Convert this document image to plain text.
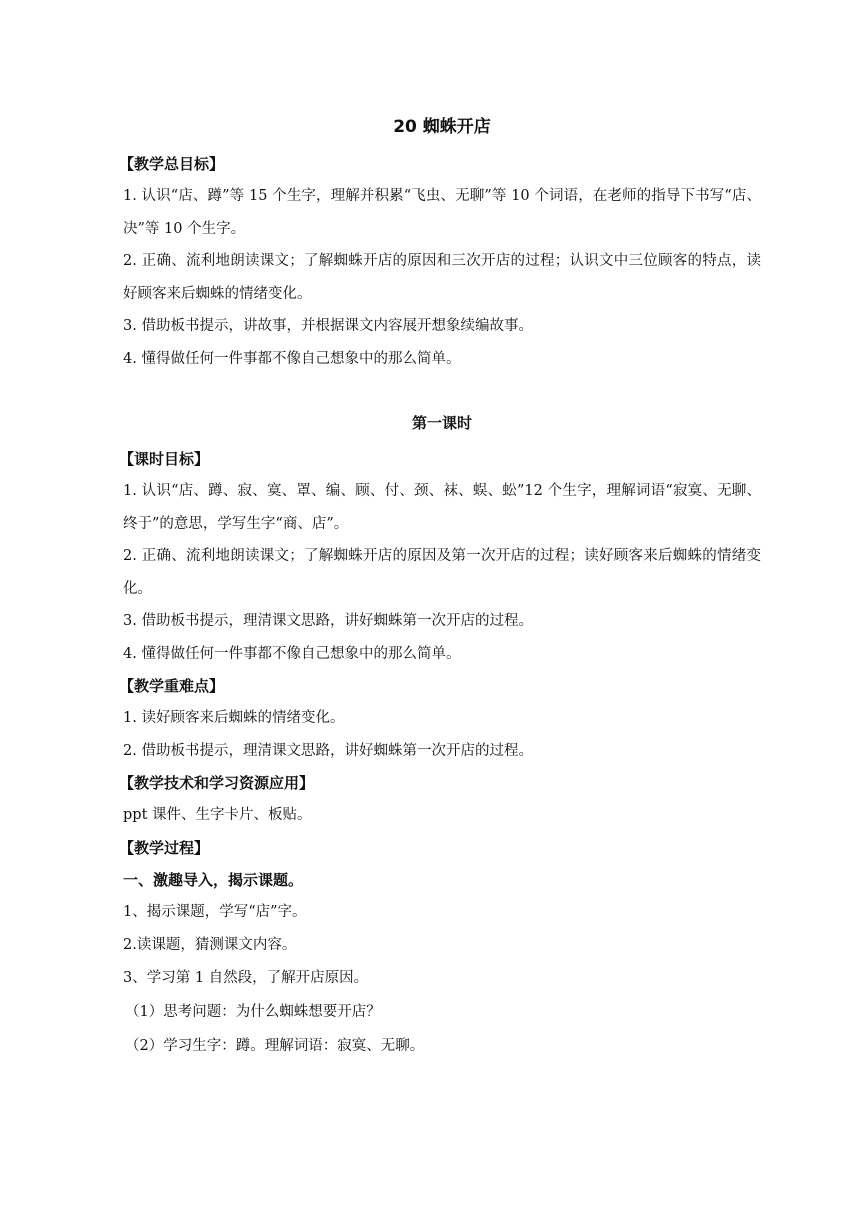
20 蜘蛛开店
【教学总目标】

1. 认识“店、蹲”等 15 个生字，理解并积累“飞虫、无聊”等 10 个词语，在老师的指导下书写“店、决”等 10 个生字。

2. 正确、流利地朗读课文；了解蜘蛛开店的原因和三次开店的过程；认识文中三位顾客的特点，读好顾客来后蜘蛛的情绪变化。

3. 借助板书提示，讲故事，并根据课文内容展开想象续编故事。

4. 懂得做任何一件事都不像自己想象中的那么简单。

第一课时
【课时目标】

1. 认识“店、蹲、寂、寞、罩、编、顾、付、颈、袜、蜈、蚣”12 个生字，理解词语“寂寞、无聊、终于”的意思，学写生字“商、店”。

2. 正确、流利地朗读课文；了解蜘蛛开店的原因及第一次开店的过程；读好顾客来后蜘蛛的情绪变化。

3. 借助板书提示，理清课文思路，讲好蜘蛛第一次开店的过程。

4. 懂得做任何一件事都不像自己想象中的那么简单。

【教学重难点】

1. 读好顾客来后蜘蛛的情绪变化。

2. 借助板书提示，理清课文思路，讲好蜘蛛第一次开店的过程。

【教学技术和学习资源应用】

ppt 课件、生字卡片、板贴。

【教学过程】
一、激趣导入，揭示课题。

1、揭示课题，学写“店”字。

2.读课题，猜测课文内容。

3、学习第 1 自然段，了解开店原因。

（1）思考问题：为什么蜘蛛想要开店？
（2）学习生字：蹲。理解词语：寂寞、无聊。
